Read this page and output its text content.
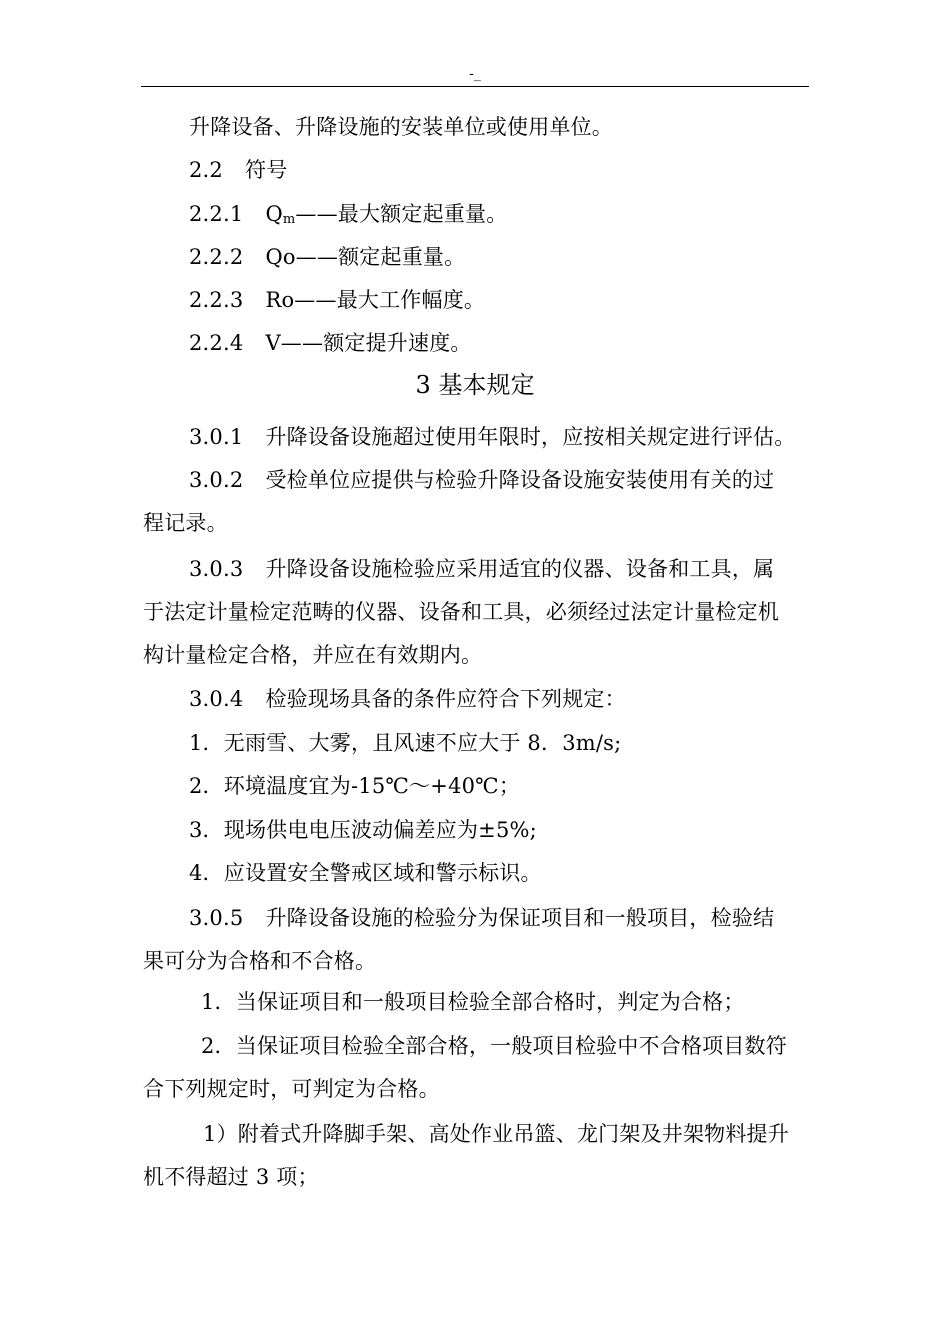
-_
升降设备、升降设施的安装单位或使用单位。
2.2 符号
2.2.1 $Q_m——$最大额定起重量。
2.2.2 Qo——额定起重量。
2.2.3 Ro——最大工作幅度。
2.2.4 V——额定提升速度。
3 基本规定
3.0.1 升降设备设施超过使用年限时，应按相关规定进行评估。
3.0.2 受检单位应提供与检验升降设备设施安装使用有关的过
程记录。
3.0.3 升降设备设施检验应采用适宜的仪器、设备和工具，属
于法定计量检定范畴的仪器、设备和工具，必须经过法定计量检定机
构计量检定合格，并应在有效期内。
3.0.4 检验现场具备的条件应符合下列规定：
1．无雨雪、大雾，且风速不应大于 8．3m/s;
2．环境温度宜为-15℃～+40℃；
3．现场供电电压波动偏差应为±5%;
4．应设置安全警戒区域和警示标识。
3.0.5 升降设备设施的检验分为保证项目和一般项目，检验结
果可分为合格和不合格。
1．当保证项目和一般项目检验全部合格时，判定为合格；
2．当保证项目检验全部合格，一般项目检验中不合格项目数符
合下列规定时，可判定为合格。
1）附着式升降脚手架、高处作业吊篮、龙门架及井架物料提升
机不得超过 3 项；
